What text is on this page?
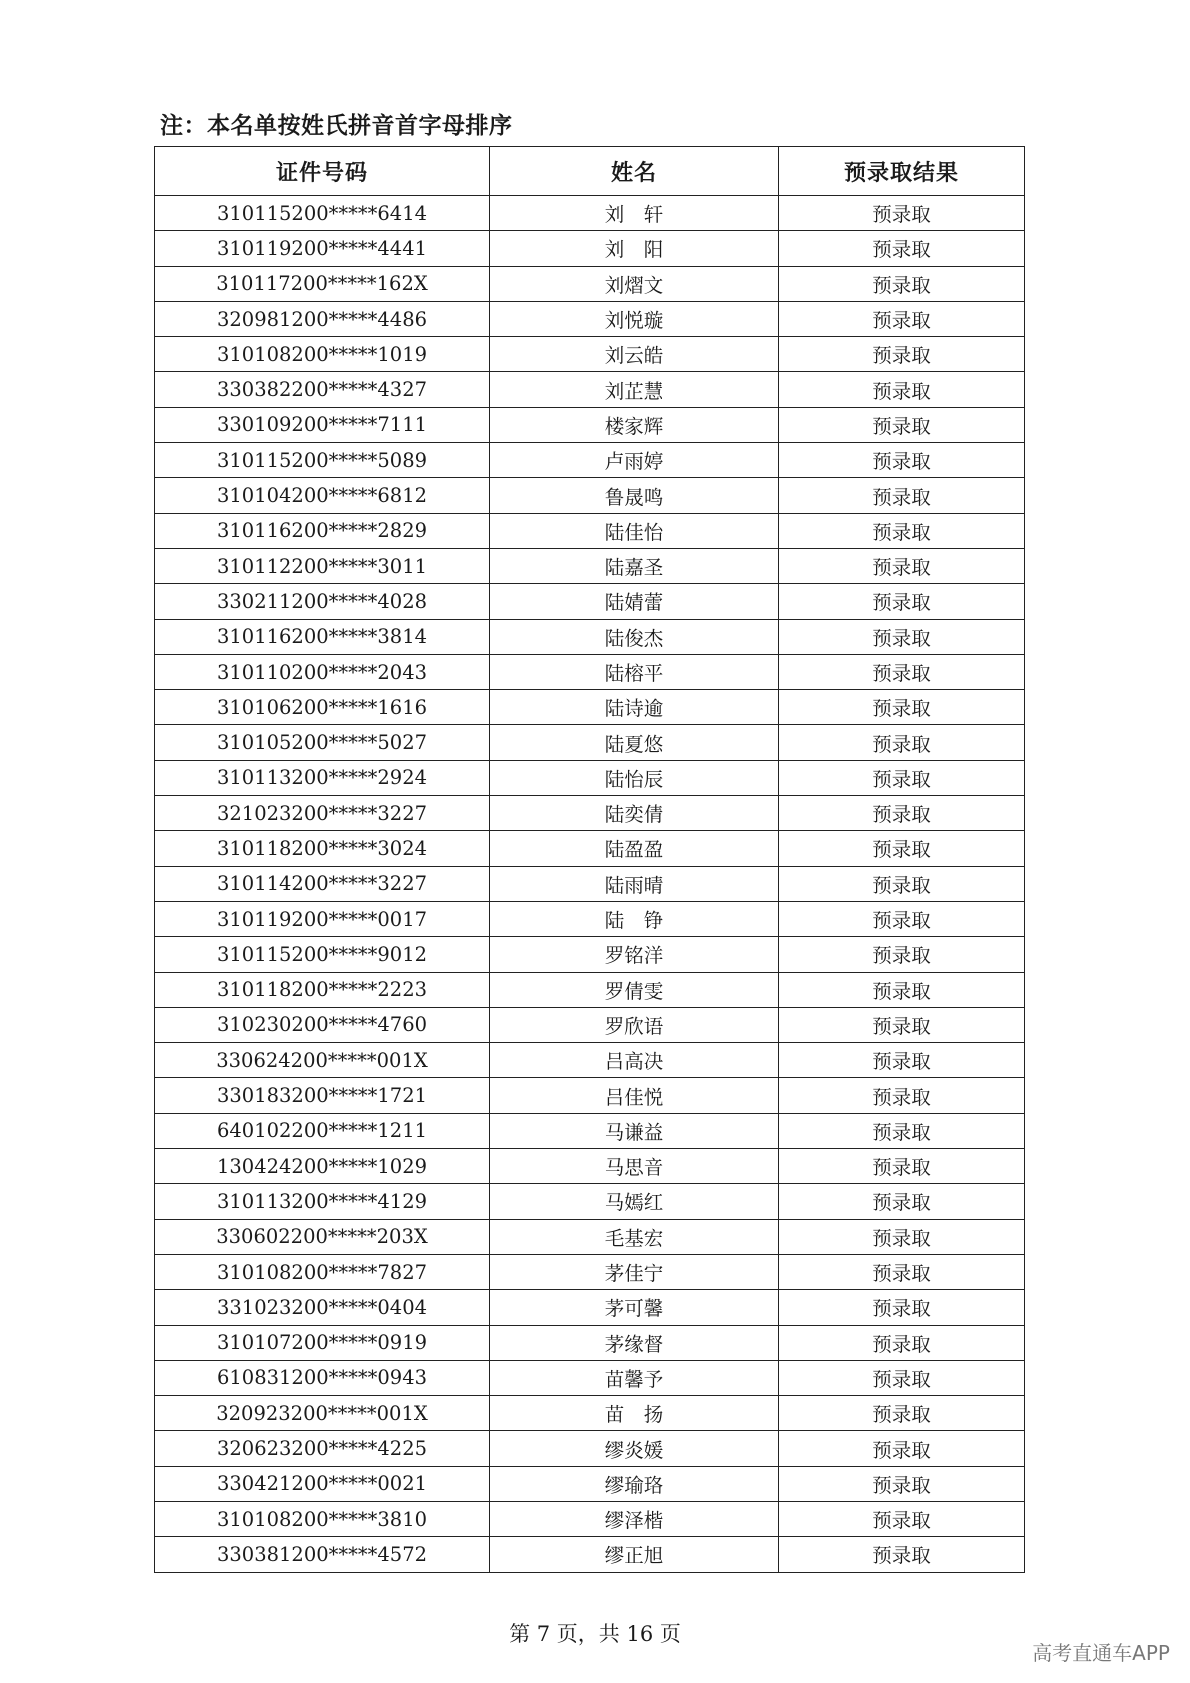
注：本名单按姓氏拼音首字母排序
证件号码	姓名	预录取结果
310115200*****6414	刘　轩	预录取
310119200*****4441	刘　阳	预录取
310117200*****162X	刘熠文	预录取
320981200*****4486	刘悦璇	预录取
310108200*****1019	刘云皓	预录取
330382200*****4327	刘芷慧	预录取
330109200*****7111	楼家辉	预录取
310115200*****5089	卢雨婷	预录取
310104200*****6812	鲁晟鸣	预录取
310116200*****2829	陆佳怡	预录取
310112200*****3011	陆嘉圣	预录取
330211200*****4028	陆婧蕾	预录取
310116200*****3814	陆俊杰	预录取
310110200*****2043	陆榕平	预录取
310106200*****1616	陆诗逾	预录取
310105200*****5027	陆夏悠	预录取
310113200*****2924	陆怡辰	预录取
321023200*****3227	陆奕倩	预录取
310118200*****3024	陆盈盈	预录取
310114200*****3227	陆雨晴	预录取
310119200*****0017	陆　铮	预录取
310115200*****9012	罗铭洋	预录取
310118200*****2223	罗倩雯	预录取
310230200*****4760	罗欣语	预录取
330624200*****001X	吕高决	预录取
330183200*****1721	吕佳悦	预录取
640102200*****1211	马谦益	预录取
130424200*****1029	马思音	预录取
310113200*****4129	马嫣红	预录取
330602200*****203X	毛基宏	预录取
310108200*****7827	茅佳宁	预录取
331023200*****0404	茅可馨	预录取
310107200*****0919	茅缘督	预录取
610831200*****0943	苗馨予	预录取
320923200*****001X	苗　扬	预录取
320623200*****4225	缪炎媛	预录取
330421200*****0021	缪瑜珞	预录取
310108200*****3810	缪泽楷	预录取
330381200*****4572	缪正旭	预录取
第 7 页，共 16 页
高考直通车APP
